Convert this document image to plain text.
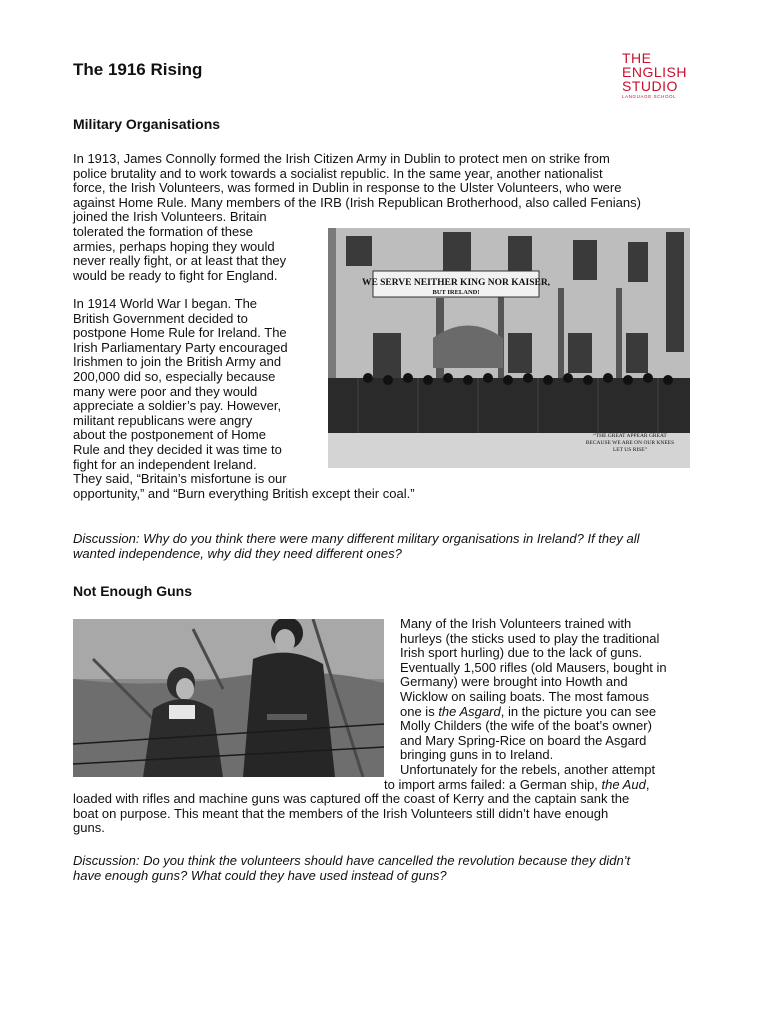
The 1916 Rising
THE
ENGLISH
STUDIO
LANGUAGE SCHOOL
Military Organisations
In 1913, James Connolly formed the Irish Citizen Army in Dublin to protect men on strike from
police brutality and to work towards a socialist republic. In the same year, another nationalist
force, the Irish Volunteers, was formed in Dublin in response to the Ulster Volunteers, who were
against Home Rule. Many members of the IRB (Irish Republican Brotherhood, also called Fenians)
joined the Irish Volunteers. Britain
tolerated the formation of these
armies, perhaps hoping they would
never really fight, or at least that they
would be ready to fight for England.
In 1914 World War I began. The
British Government decided to
postpone Home Rule for Ireland. The
Irish Parliamentary Party encouraged
Irishmen to join the British Army and
200,000 did so, especially because
many were poor and they would
appreciate a soldier’s pay. However,
militant republicans were angry
about the postponement of Home
Rule and they decided it was time to
fight for an independent Ireland.
They said, “Britain’s misfortune is our
opportunity,” and “Burn everything British except their coal.”
WE SERVE NEITHER KING NOR KAISER,
BUT IRELAND!
“THE GREAT APPEAR GREAT
BECAUSE WE ARE ON OUR KNEES
LET US RISE”
Discussion: Why do you think there were many different military organisations in Ireland? If they all
wanted independence, why did they need different ones?
Not Enough Guns
Many of the Irish Volunteers trained with
hurleys (the sticks used to play the traditional
Irish sport hurling) due to the lack of guns.
Eventually 1,500 rifles (old Mausers, bought in
Germany) were brought into Howth and
Wicklow on sailing boats. The most famous
one is the Asgard, in the picture you can see
Molly Childers (the wife of the boat’s owner)
and Mary Spring-Rice on board the Asgard
bringing guns in to Ireland.
Unfortunately for the rebels, another attempt
to import arms failed: a German ship, the Aud,
loaded with rifles and machine guns was captured off the coast of Kerry and the captain sank the
boat on purpose. This meant that the members of the Irish Volunteers still didn’t have enough
guns.
Discussion: Do you think the volunteers should have cancelled the revolution because they didn’t
have enough guns? What could they have used instead of guns?
